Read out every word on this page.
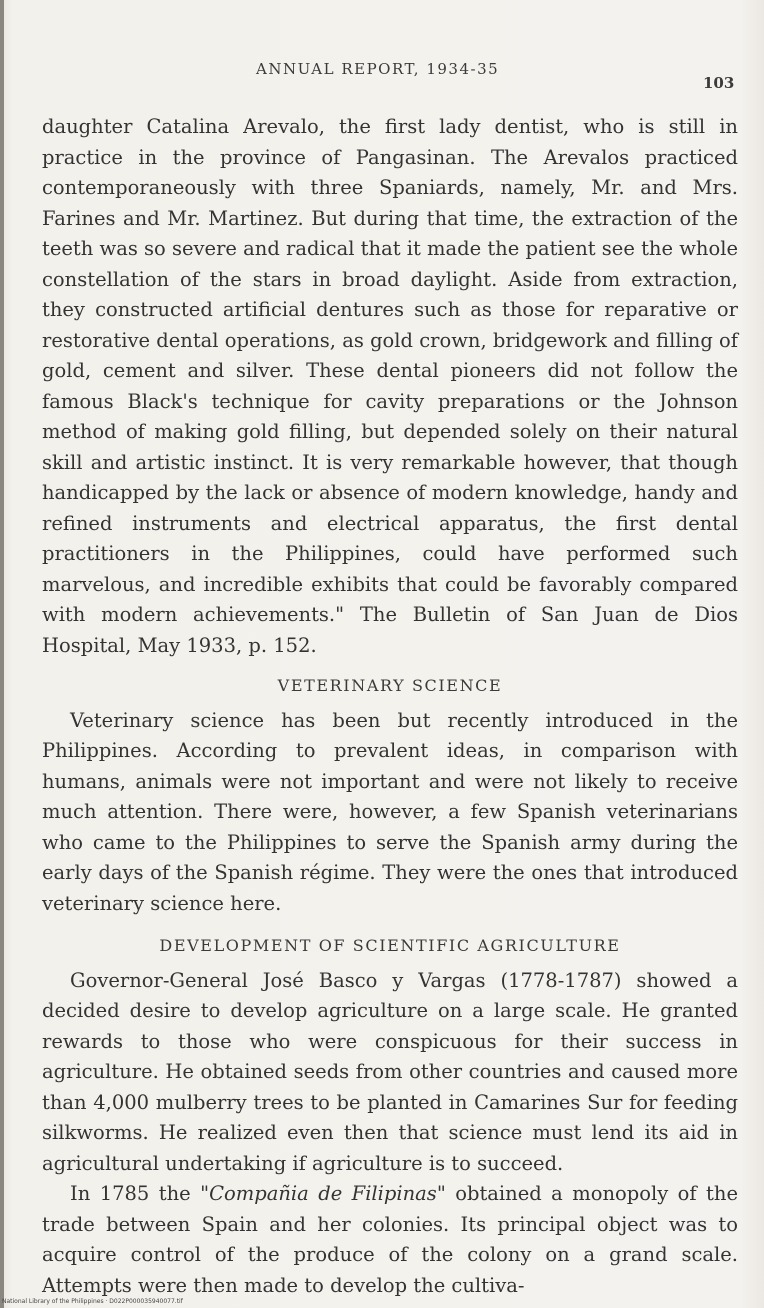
ANNUAL REPORT, 1934-35
103

daughter Catalina Arevalo, the first lady dentist, who is still in practice in the province of Pangasinan. The Arevalos practiced contemporaneously with three Spaniards, namely, Mr. and Mrs. Farines and Mr. Martinez. But during that time, the extraction of the teeth was so severe and radical that it made the patient see the whole constellation of the stars in broad daylight. Aside from extraction, they constructed artificial dentures such as those for reparative or restorative dental operations, as gold crown, bridgework and filling of gold, cement and silver. These dental pioneers did not follow the famous Black's technique for cavity preparations or the Johnson method of making gold filling, but depended solely on their natural skill and artistic instinct. It is very remarkable however, that though handicapped by the lack or absence of modern knowledge, handy and refined instruments and electrical apparatus, the first dental practitioners in the Philippines, could have performed such marvelous, and incredible exhibits that could be favorably compared with modern achievements." The Bulletin of San Juan de Dios Hospital, May 1933, p. 152.

VETERINARY SCIENCE

Veterinary science has been but recently introduced in the Philippines. According to prevalent ideas, in comparison with humans, animals were not important and were not likely to receive much attention. There were, however, a few Spanish veterinarians who came to the Philippines to serve the Spanish army during the early days of the Spanish régime. They were the ones that introduced veterinary science here.

DEVELOPMENT OF SCIENTIFIC AGRICULTURE

Governor-General José Basco y Vargas (1778-1787) showed a decided desire to develop agriculture on a large scale. He granted rewards to those who were conspicuous for their success in agriculture. He obtained seeds from other countries and caused more than 4,000 mulberry trees to be planted in Camarines Sur for feeding silkworms. He realized even then that science must lend its aid in agricultural undertaking if agriculture is to succeed.

In 1785 the "Compañia de Filipinas" obtained a monopoly of the trade between Spain and her colonies. Its principal object was to acquire control of the produce of the colony on a grand scale. Attempts were then made to develop the cultiva-

National Library of the Philippines · D022P000035940077.tif
